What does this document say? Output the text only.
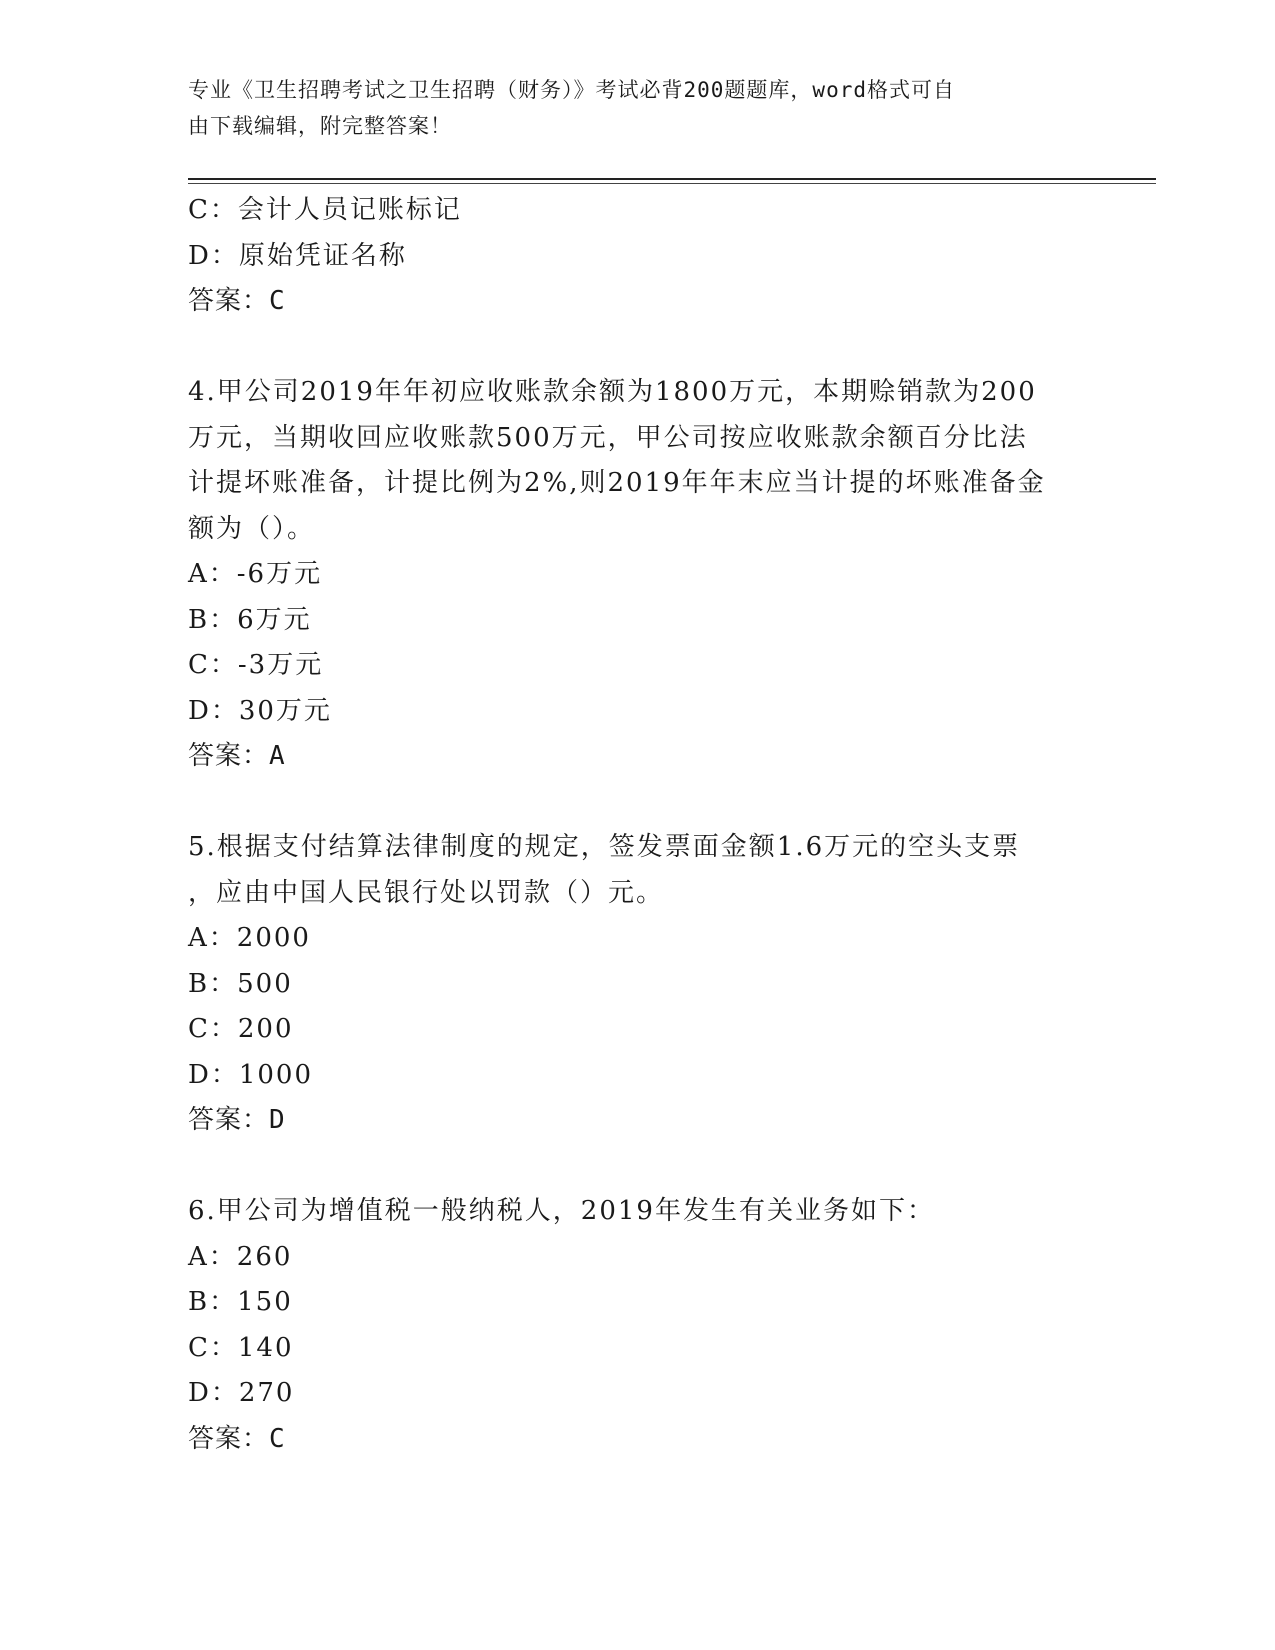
专业《卫生招聘考试之卫生招聘（财务）》考试必背200题题库，word格式可自
由下载编辑，附完整答案！
C：会计人员记账标记
D：原始凭证名称
答案：C
4.甲公司2019年年初应收账款余额为1800万元，本期赊销款为200
万元，当期收回应收账款500万元，甲公司按应收账款余额百分比法
计提坏账准备，计提比例为2%,则2019年年末应当计提的坏账准备金
额为（）。
A：-6万元
B：6万元
C：-3万元
D：30万元
答案：A
5.根据支付结算法律制度的规定，签发票面金额1.6万元的空头支票
，应由中国人民银行处以罚款（）元。
A：2000
B：500
C：200
D：1000
答案：D
6.甲公司为增值税一般纳税人，2019年发生有关业务如下：
A：260
B：150
C：140
D：270
答案：C
